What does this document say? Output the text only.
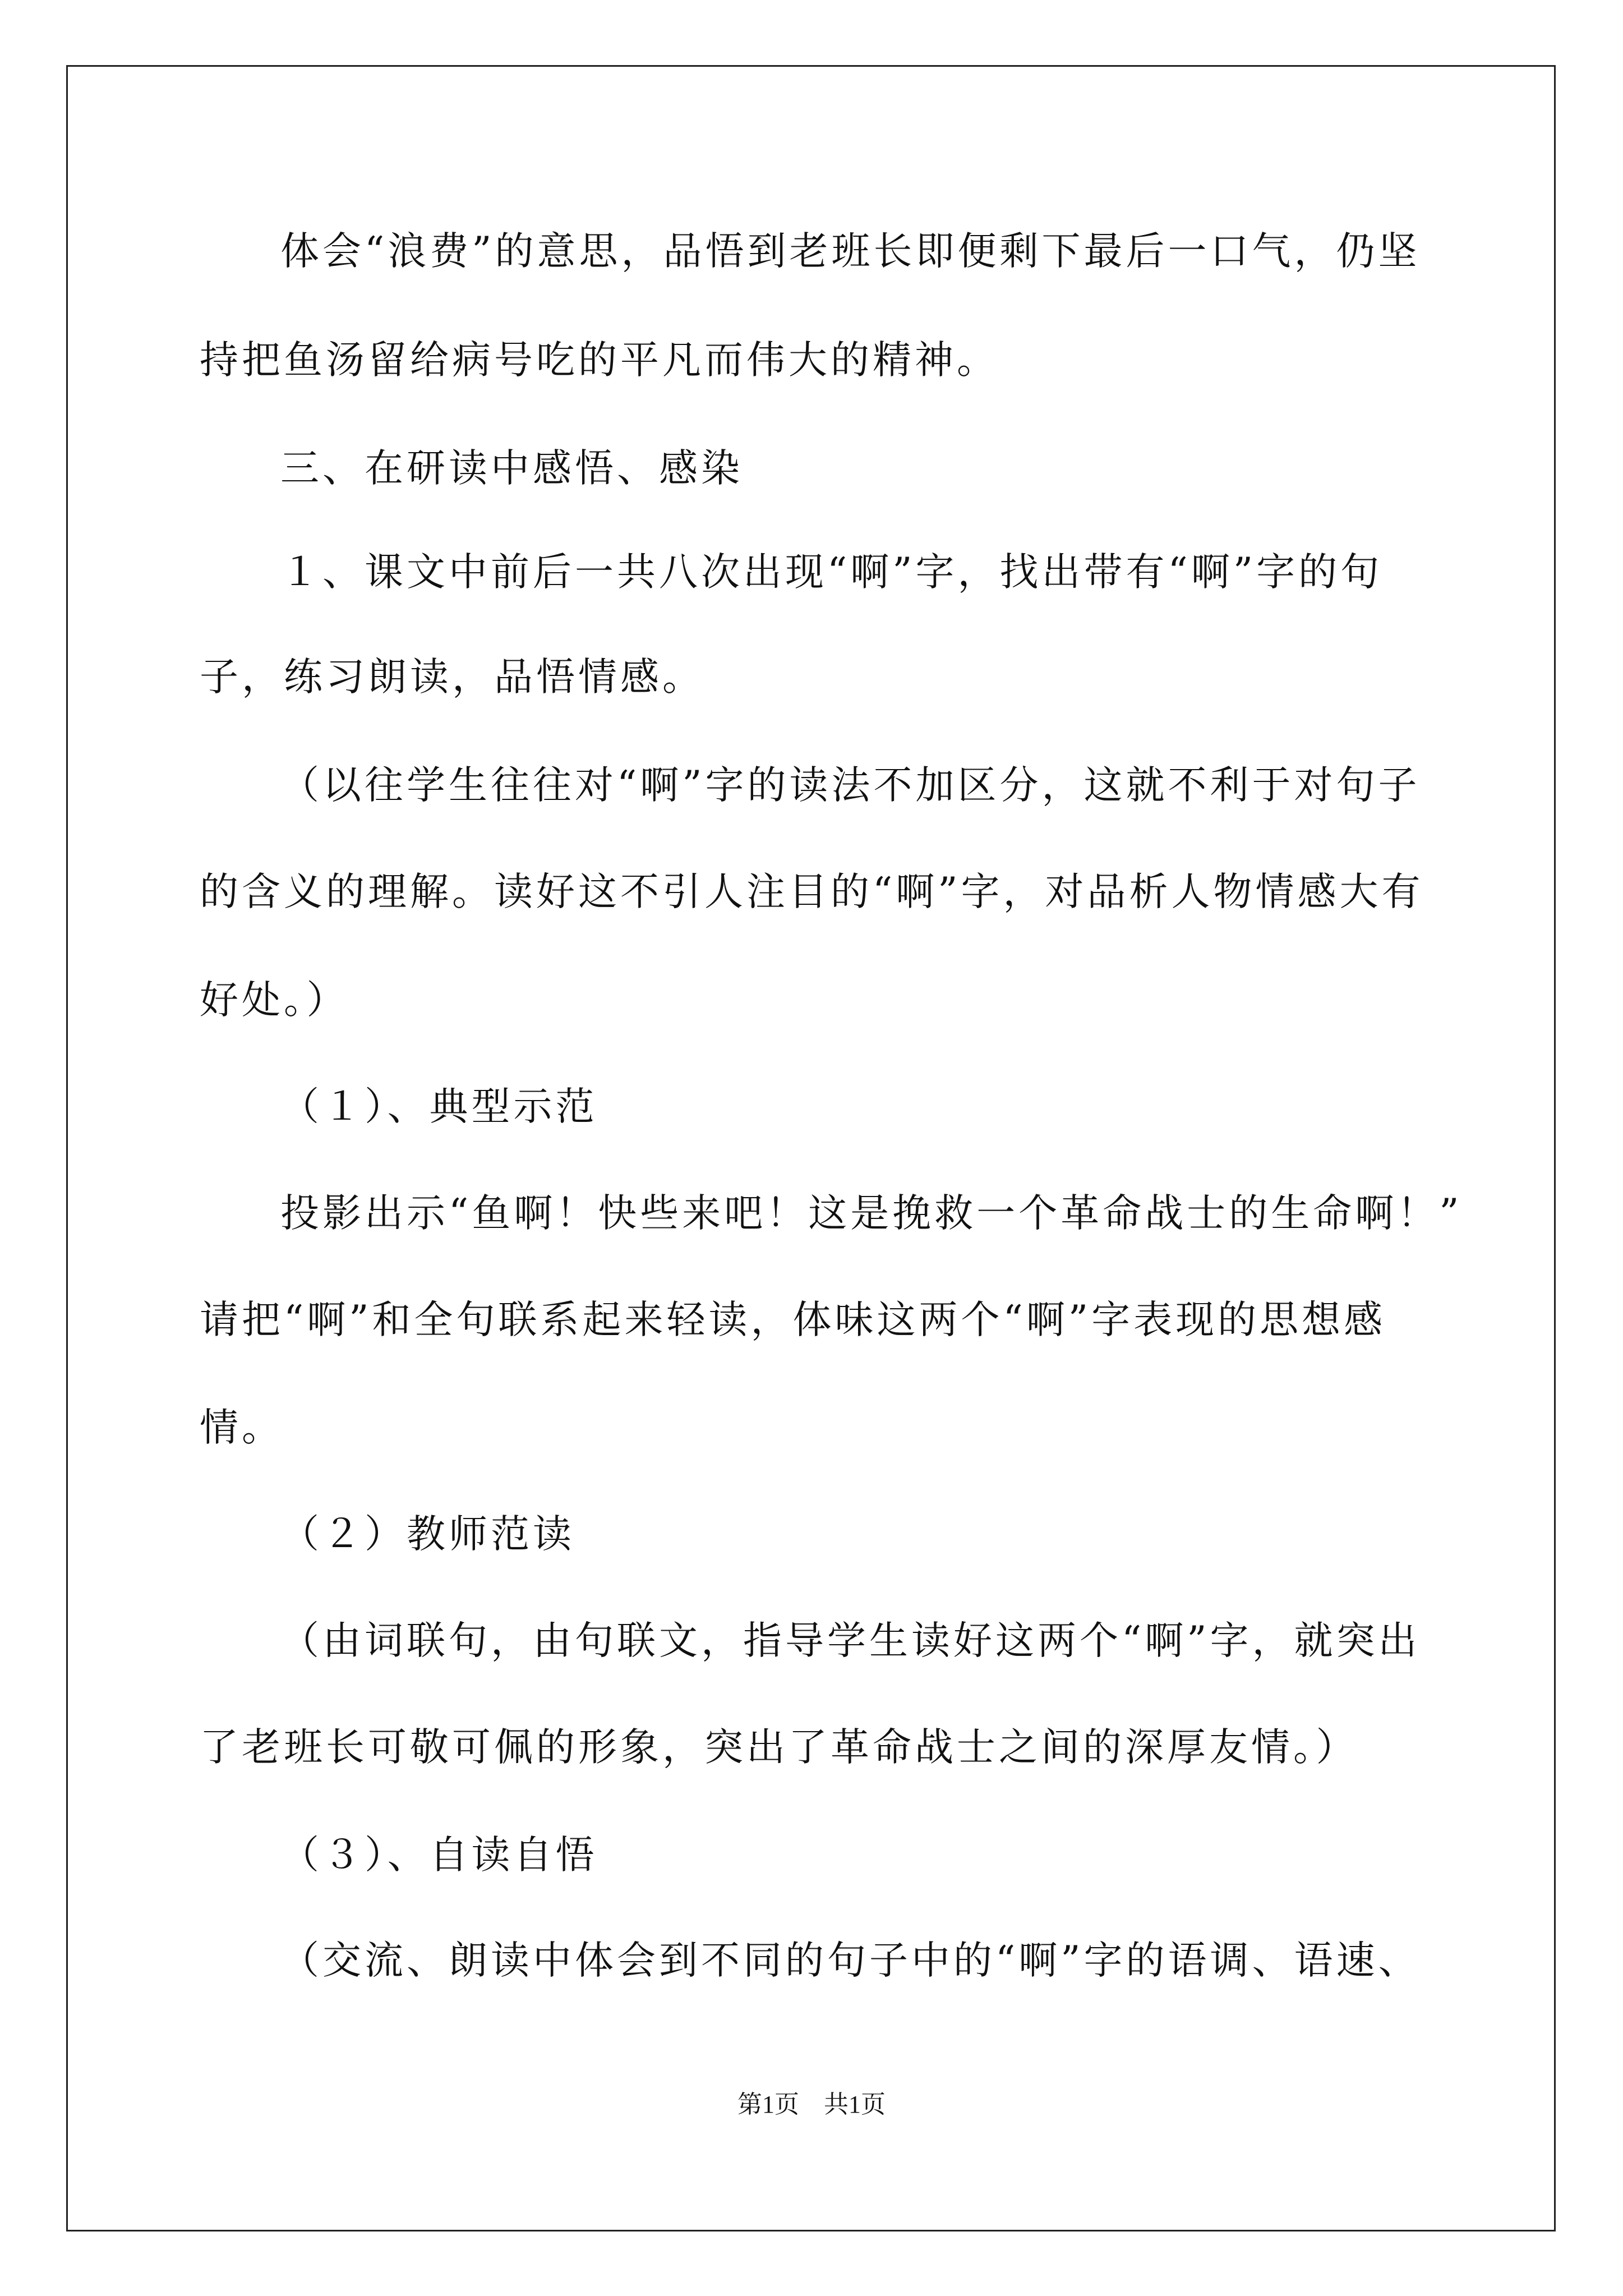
体会“浪费”的意思，品悟到老班长即便剩下最后一口气，仍坚
持把鱼汤留给病号吃的平凡而伟大的精神。
三、在研读中感悟、感染
１、课文中前后一共八次出现“啊”字，找出带有“啊”字的句
子，练习朗读，品悟情感。
（以往学生往往对“啊”字的读法不加区分，这就不利于对句子
的含义的理解。读好这不引人注目的“啊”字，对品析人物情感大有
好处。）
（１）、典型示范
投影出示“鱼啊！快些来吧！这是挽救一个革命战士的生命啊！”
请把“啊”和全句联系起来轻读，体味这两个“啊”字表现的思想感
情。
（２）教师范读
（由词联句，由句联文，指导学生读好这两个“啊”字，就突出
了老班长可敬可佩的形象，突出了革命战士之间的深厚友情。）
（３）、自读自悟
（交流、朗读中体会到不同的句子中的“啊”字的语调、语速、
第1页　共1页
